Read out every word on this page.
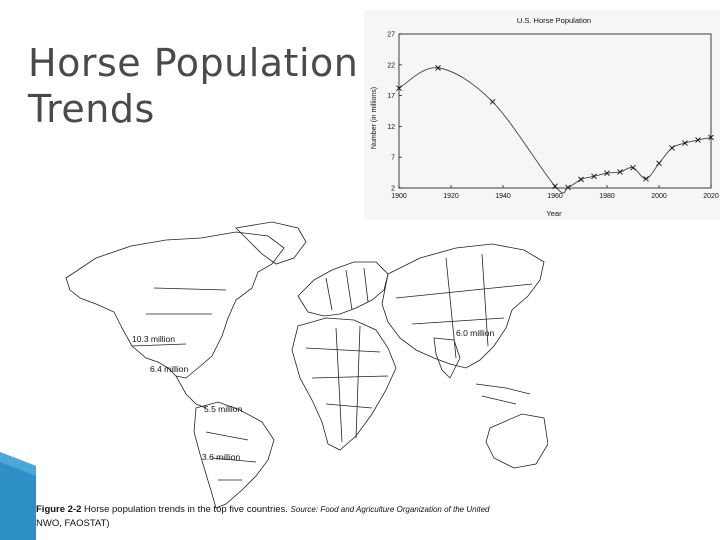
Horse Population
Trends
U.S. Horse Population
Year
Number (in millions)
1900	1920	1940	1960	1980	2000	2020
2
7
12
17
22
27
10.3 million
6.4 million
5.5 million
3.6 million
6.0 million
Figure 2-2 Horse population trends in the top five countries. Source: Food and Agriculture Organization of the United
NWO, FAOSTAT)
